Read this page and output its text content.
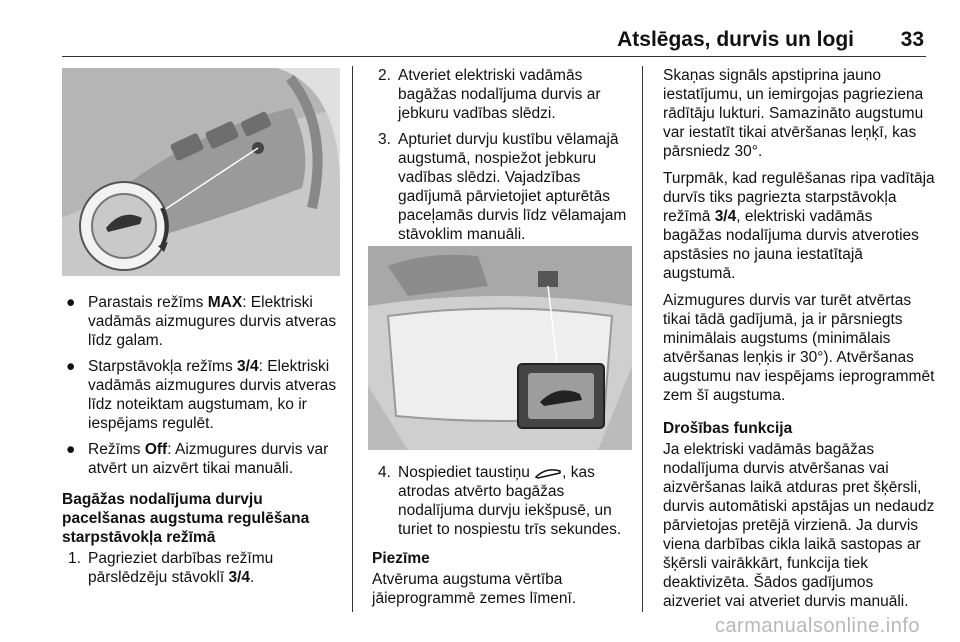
Atslēgas, durvis un logi 33
● Parastais režīms MAX: Elektriski vadāmās aizmugures durvis atveras līdz galam.
● Starpstāvokļa režīms 3/4: Elektriski vadāmās aizmugures durvis atveras līdz noteiktam augstumam, ko ir iespējams regulēt.
● Režīms Off: Aizmugures durvis var atvērt un aizvērt tikai manuāli.
Bagāžas nodalījuma durvju pacelšanas augstuma regulēšana starpstāvokļa režīmā
1. Pagrieziet darbības režīmu pārslēdzēju stāvoklī 3/4.
2. Atveriet elektriski vadāmās bagāžas nodalījuma durvis ar jebkuru vadības slēdzi.
3. Apturiet durvju kustību vēlamajā augstumā, nospiežot jebkuru vadības slēdzi. Vajadzības gadījumā pārvietojiet apturētās paceļamās durvis līdz vēlamajam stāvoklim manuāli.
4. Nospiediet taustiņu , kas atrodas atvērto bagāžas nodalījuma durvju iekšpusē, un turiet to nospiestu trīs sekundes.
Piezīme

Atvēruma augstuma vērtība jāieprogrammē zemes līmenī.

Skaņas signāls apstiprina jauno iestatījumu, un iemirgojas pagrieziena rādītāju lukturi. Samazināto augstumu var iestatīt tikai atvēršanas leņķī, kas pārsniedz 30°.

Turpmāk, kad regulēšanas ripa vadītāja durvīs tiks pagriezta starpstāvokļa režīmā 3/4, elektriski vadāmās bagāžas nodalījuma durvis atveroties apstāsies no jauna iestatītajā augstumā.

Aizmugures durvis var turēt atvērtas tikai tādā gadījumā, ja ir pārsniegts minimālais augstums (minimālais atvēršanas leņķis ir 30°). Atvēršanas augstumu nav iespējams ieprogrammēt zem šī augstuma.

Drošības funkcija

Ja elektriski vadāmās bagāžas nodalījuma durvis atvēršanas vai aizvēršanas laikā atduras pret šķērsli, durvis automātiski apstājas un nedaudz pārvietojas pretējā virzienā. Ja durvis viena darbības cikla laikā sastopas ar šķērsli vairākkārt, funkcija tiek deaktivizēta. Šādos gadījumos aizveriet vai atveriet durvis manuāli.

carmanualsonline.info
